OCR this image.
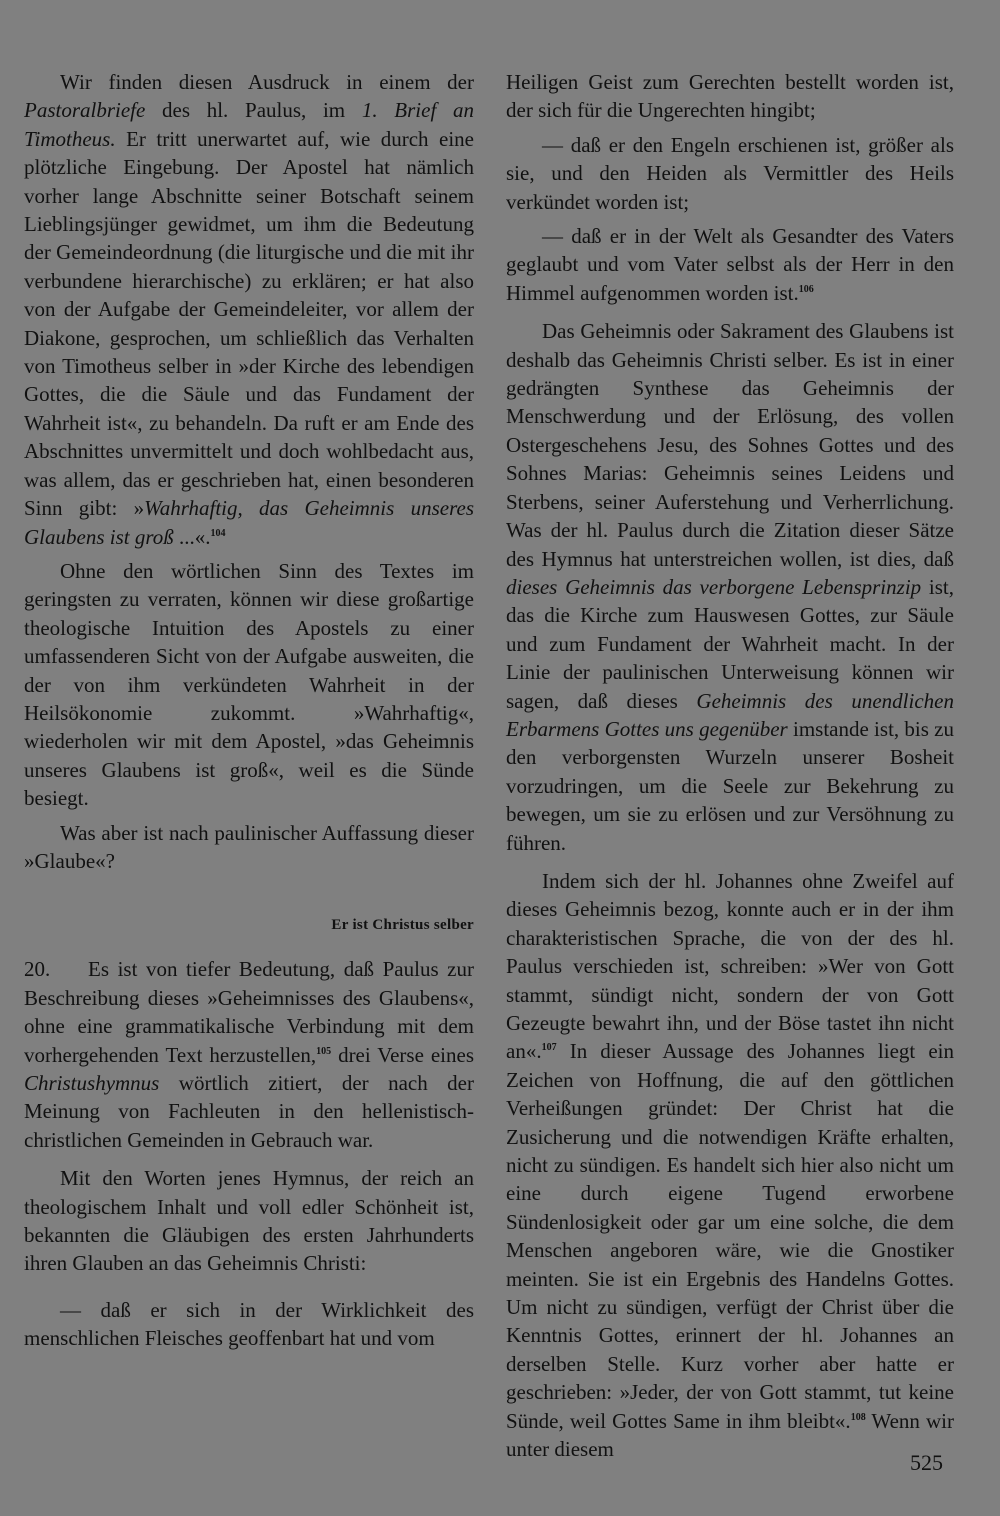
Wir finden diesen Ausdruck in einem der Pastoralbriefe des hl. Paulus, im 1. Brief an Timotheus. Er tritt unerwartet auf, wie durch eine plötzliche Eingebung. Der Apostel hat nämlich vorher lange Abschnitte seiner Botschaft seinem Lieblingsjünger gewidmet, um ihm die Bedeutung der Gemeindeordnung (die liturgische und die mit ihr verbundene hierarchische) zu erklären; er hat also von der Aufgabe der Gemeindeleiter, vor allem der Diakone, gesprochen, um schließlich das Verhalten von Timotheus selber in »der Kirche des lebendigen Gottes, die die Säule und das Fundament der Wahrheit ist«, zu behandeln. Da ruft er am Ende des Abschnittes unvermittelt und doch wohlbedacht aus, was allem, das er geschrieben hat, einen besonderen Sinn gibt: »Wahrhaftig, das Geheimnis unseres Glaubens ist groß ...«.$^{104}$

Ohne den wörtlichen Sinn des Textes im geringsten zu verraten, können wir diese großartige theologische Intuition des Apostels zu einer umfassenderen Sicht von der Aufgabe ausweiten, die der von ihm verkündeten Wahrheit in der Heilsökonomie zukommt. »Wahrhaftig«, wiederholen wir mit dem Apostel, »das Geheimnis unseres Glaubens ist groß«, weil es die Sünde besiegt.

Was aber ist nach paulinischer Auffassung dieser »Glaube«?

Er ist Christus selber

20. Es ist von tiefer Bedeutung, daß Paulus zur Beschreibung dieses »Geheimnisses des Glaubens«, ohne eine grammatikalische Verbindung mit dem vorhergehenden Text herzustellen,$^{105}$ drei Verse eines Christushymnus wörtlich zitiert, der nach der Meinung von Fachleuten in den hellenistisch-christlichen Gemeinden in Gebrauch war.

Mit den Worten jenes Hymnus, der reich an theologischem Inhalt und voll edler Schönheit ist, bekannten die Gläubigen des ersten Jahrhunderts ihren Glauben an das Geheimnis Christi:

— daß er sich in der Wirklichkeit des menschlichen Fleisches geoffenbart hat und vom

Heiligen Geist zum Gerechten bestellt worden ist, der sich für die Ungerechten hingibt;

— daß er den Engeln erschienen ist, größer als sie, und den Heiden als Vermittler des Heils verkündet worden ist;

— daß er in der Welt als Gesandter des Vaters geglaubt und vom Vater selbst als der Herr in den Himmel aufgenommen worden ist.$^{106}$

Das Geheimnis oder Sakrament des Glaubens ist deshalb das Geheimnis Christi selber. Es ist in einer gedrängten Synthese das Geheimnis der Menschwerdung und der Erlösung, des vollen Ostergeschehens Jesu, des Sohnes Gottes und des Sohnes Marias: Geheimnis seines Leidens und Sterbens, seiner Auferstehung und Verherrlichung. Was der hl. Paulus durch die Zitation dieser Sätze des Hymnus hat unterstreichen wollen, ist dies, daß dieses Geheimnis das verborgene Lebensprinzip ist, das die Kirche zum Hauswesen Gottes, zur Säule und zum Fundament der Wahrheit macht. In der Linie der paulinischen Unterweisung können wir sagen, daß dieses Geheimnis des unendlichen Erbarmens Gottes uns gegenüber imstande ist, bis zu den verborgensten Wurzeln unserer Bosheit vorzudringen, um die Seele zur Bekehrung zu bewegen, um sie zu erlösen und zur Versöhnung zu führen.

Indem sich der hl. Johannes ohne Zweifel auf dieses Geheimnis bezog, konnte auch er in der ihm charakteristischen Sprache, die von der des hl. Paulus verschieden ist, schreiben: »Wer von Gott stammt, sündigt nicht, sondern der von Gott Gezeugte bewahrt ihn, und der Böse tastet ihn nicht an«.$^{107}$ In dieser Aussage des Johannes liegt ein Zeichen von Hoffnung, die auf den göttlichen Verheißungen gründet: Der Christ hat die Zusicherung und die notwendigen Kräfte erhalten, nicht zu sündigen. Es handelt sich hier also nicht um eine durch eigene Tugend erworbene Sündenlosigkeit oder gar um eine solche, die dem Menschen angeboren wäre, wie die Gnostiker meinten. Sie ist ein Ergebnis des Handelns Gottes. Um nicht zu sündigen, verfügt der Christ über die Kenntnis Gottes, erinnert der hl. Johannes an derselben Stelle. Kurz vorher aber hatte er geschrieben: »Jeder, der von Gott stammt, tut keine Sünde, weil Gottes Same in ihm bleibt«.$^{108}$ Wenn wir unter diesem

525
